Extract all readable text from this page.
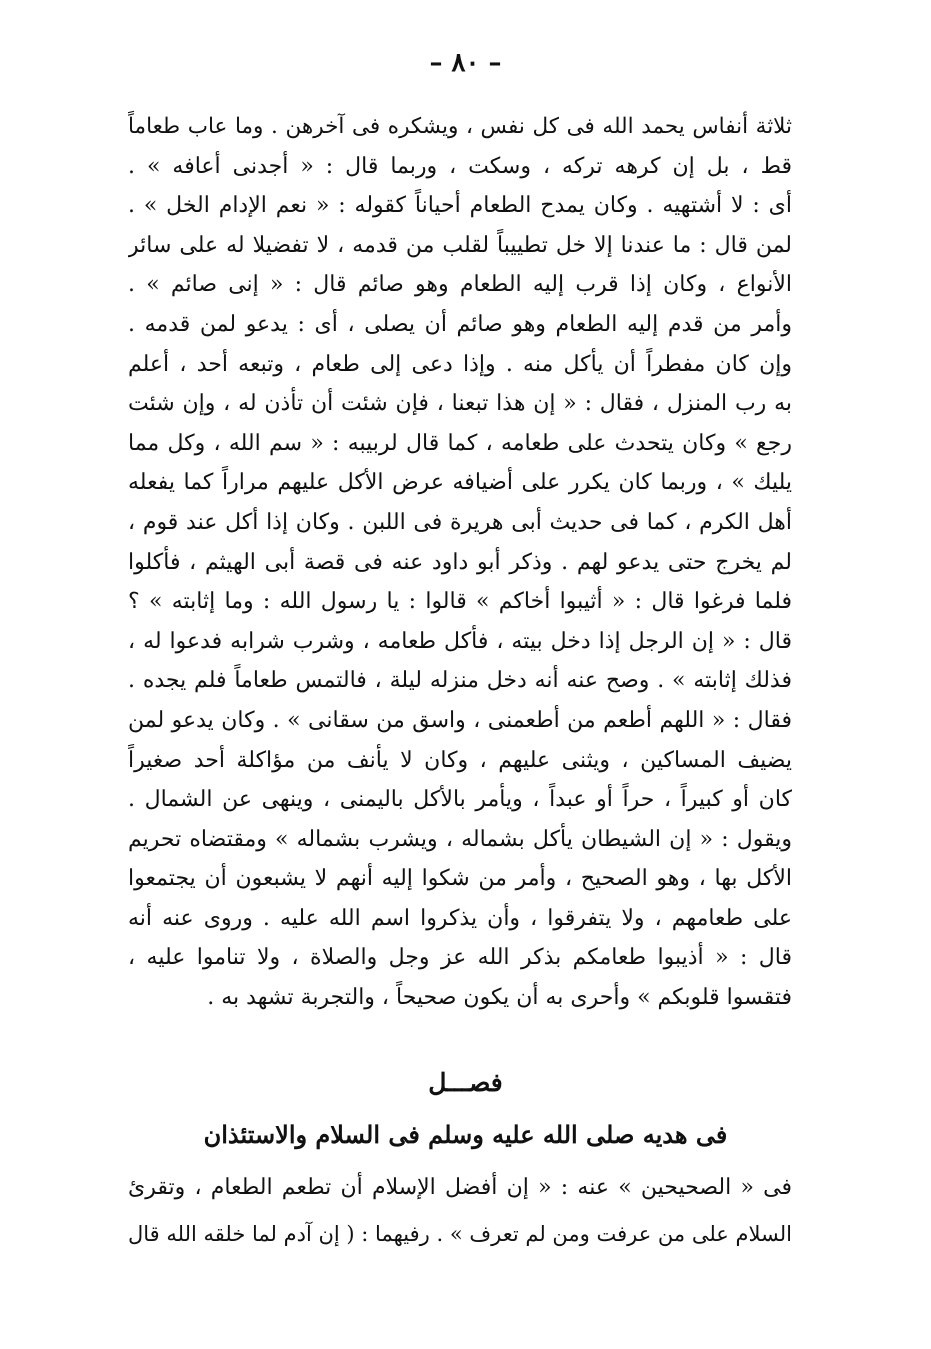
– ٨٠ –
ثلاثة أنفاس يحمد الله فى كل نفس ، ويشكره فى آخرهن . وما عاب طعاماً
قط ، بل إن كرهه تركه ، وسكت ، وربما قال : « أجدنى أعافه » .
أى : لا أشتهيه . وكان يمدح الطعام أحياناً كقوله : « نعم الإدام الخل » .
لمن قال : ما عندنا إلا خل تطييباً لقلب من قدمه ، لا تفضيلا له على سائر
الأنواع ، وكان إذا قرب إليه الطعام وهو صائم قال : « إنى صائم » .
وأمر من قدم إليه الطعام وهو صائم أن يصلى ، أى : يدعو لمن قدمه .
وإن كان مفطراً أن يأكل منه . وإذا دعى إلى طعام ، وتبعه أحد ، أعلم
به رب المنزل ، فقال : « إن هذا تبعنا ، فإن شئت أن تأذن له ، وإن شئت
رجع » وكان يتحدث على طعامه ، كما قال لربيبه : « سم الله ، وكل مما
يليك » ، وربما كان يكرر على أضيافه عرض الأكل عليهم مراراً كما يفعله
أهل الكرم ، كما فى حديث أبى هريرة فى اللبن . وكان إذا أكل عند قوم ،
لم يخرج حتى يدعو لهم . وذكر أبو داود عنه فى قصة أبى الهيثم ، فأكلوا
فلما فرغوا قال : « أثيبوا أخاكم » قالوا : يا رسول الله : وما إثابته » ؟
قال : « إن الرجل إذا دخل بيته ، فأكل طعامه ، وشرب شرابه فدعوا له ،
فذلك إثابته » . وصح عنه أنه دخل منزله ليلة ، فالتمس طعاماً فلم يجده .
فقال : « اللهم أطعم من أطعمنى ، واسق من سقانى » . وكان يدعو لمن
يضيف المساكين ، ويثنى عليهم ، وكان لا يأنف من مؤاكلة أحد صغيراً
كان أو كبيراً ، حراً أو عبداً ، ويأمر بالأكل باليمنى ، وينهى عن الشمال .
ويقول : « إن الشيطان يأكل بشماله ، ويشرب بشماله » ومقتضاه تحريم
الأكل بها ، وهو الصحيح ، وأمر من شكوا إليه أنهم لا يشبعون أن يجتمعوا
على طعامهم ، ولا يتفرقوا ، وأن يذكروا اسم الله عليه . وروى عنه أنه
قال : « أذيبوا طعامكم بذكر الله عز وجل والصلاة ، ولا تناموا عليه ،
فتقسوا قلوبكم » وأحرى به أن يكون صحيحاً ، والتجربة تشهد به .
فصـــل
فى هديه صلى الله عليه وسلم فى السلام والاستئذان
فى « الصحيحين » عنه : « إن أفضل الإسلام أن تطعم الطعام ، وتقرئ
السلام على من عرفت ومن لم تعرف » . رفيهما : ( إن آدم لما خلقه الله قال
